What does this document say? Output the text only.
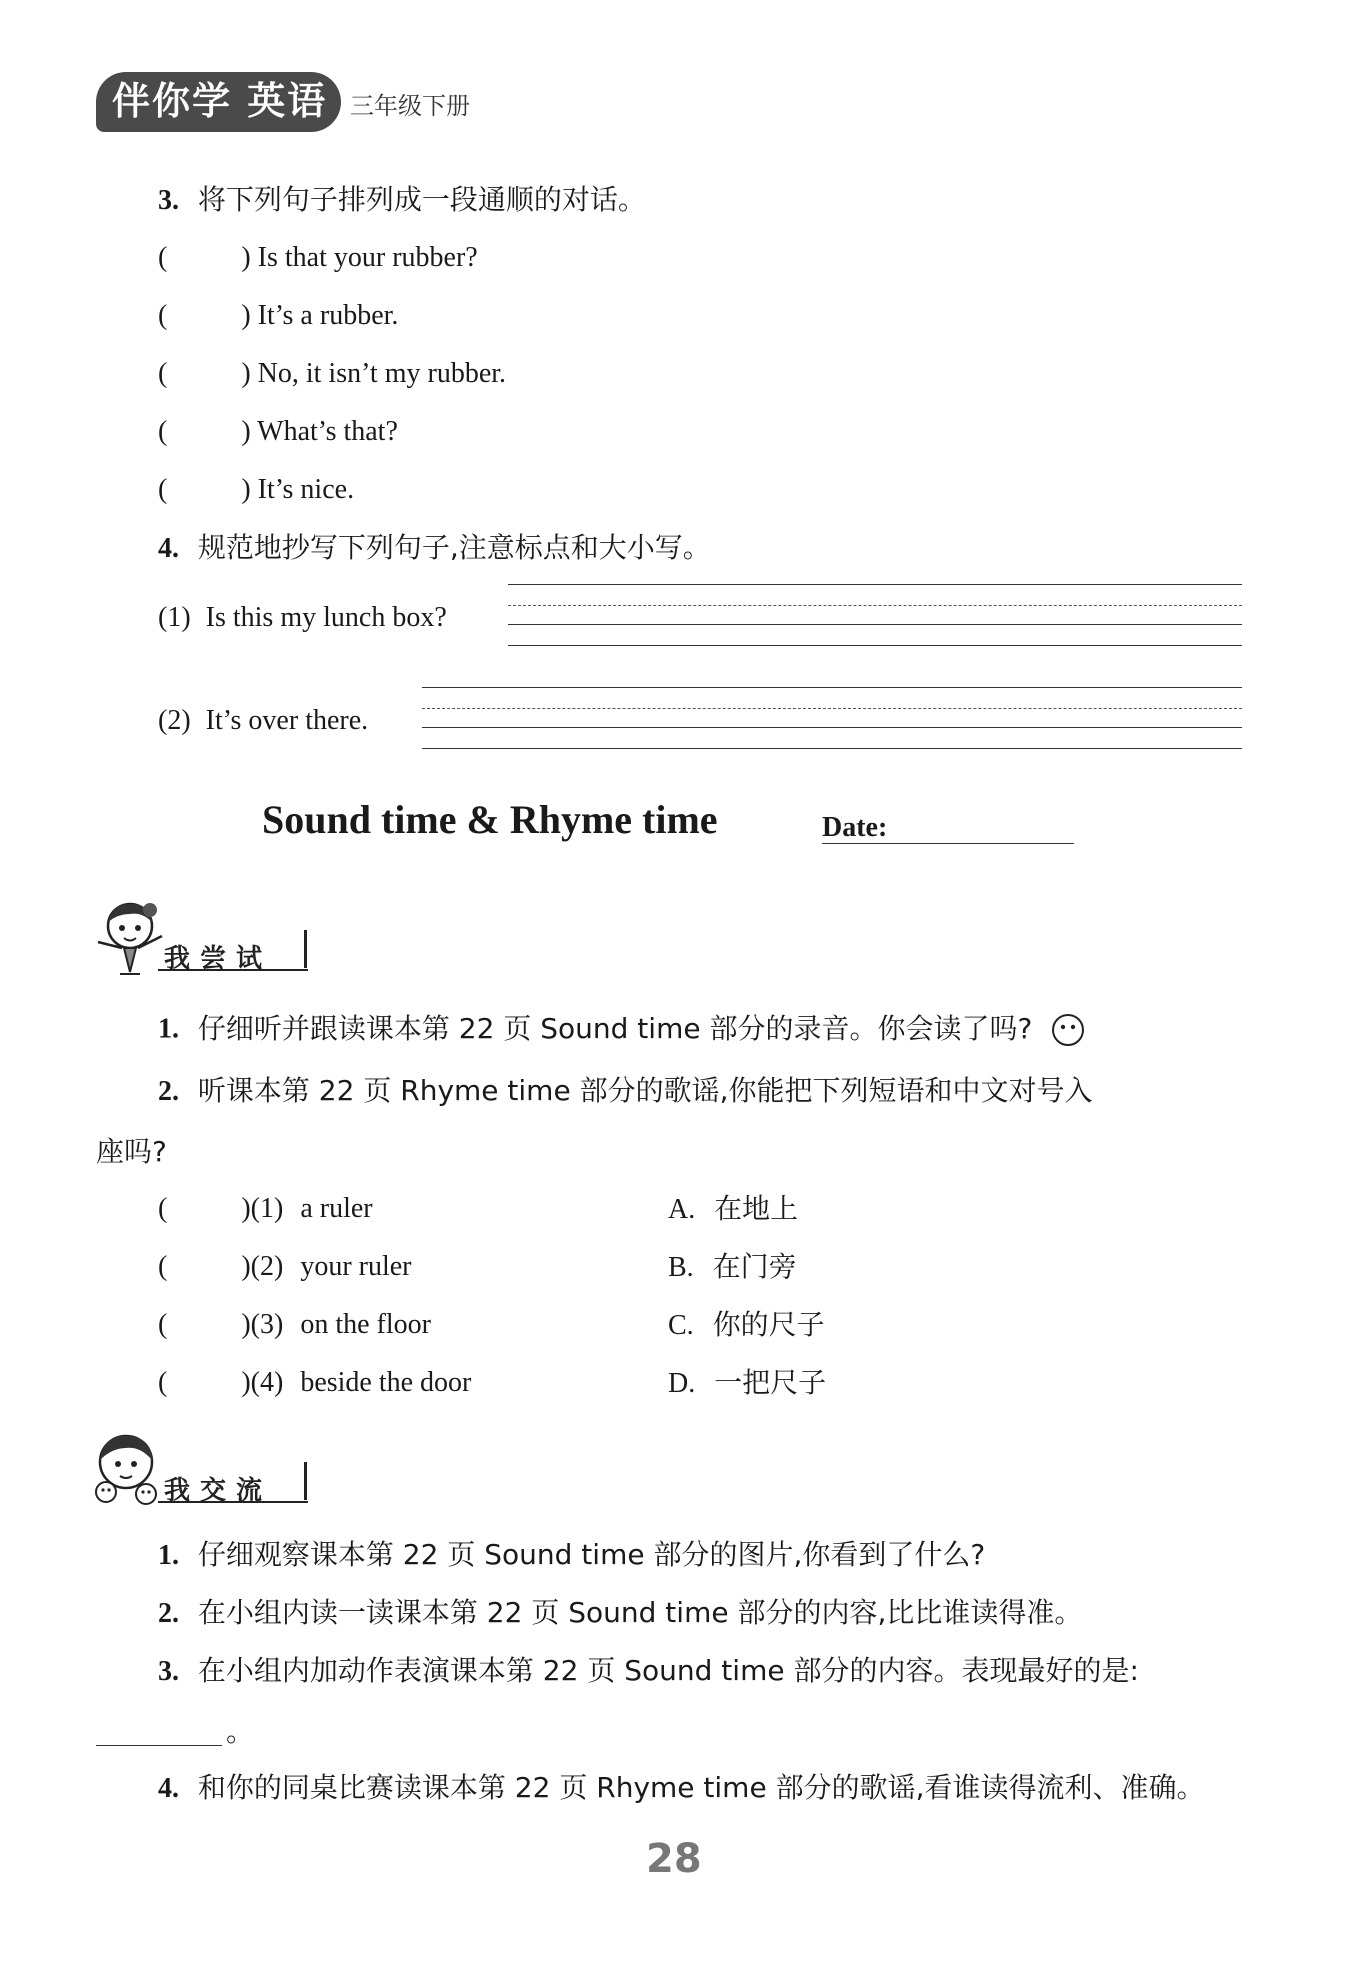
伴你学 英语 三年级下册
3. 将下列句子排列成一段通顺的对话。
(	) Is that your rubber?
(	) It’s a rubber.
(	) No, it isn’t my rubber.
(	) What’s that?
(	) It’s nice.
4. 规范地抄写下列句子,注意标点和大小写。
(1) Is this my lunch box?
(2) It’s over there.
Sound time & Rhyme time	Date:
我尝试
1. 仔细听并跟读课本第 22 页 Sound time 部分的录音。你会读了吗?
2. 听课本第 22 页 Rhyme time 部分的歌谣,你能把下列短语和中文对号入
座吗?
(	)(1) a ruler	A. 在地上
(	)(2) your ruler	B. 在门旁
(	)(3) on the floor	C. 你的尺子
(	)(4) beside the door	D. 一把尺子
我交流
1. 仔细观察课本第 22 页 Sound time 部分的图片,你看到了什么?
2. 在小组内读一读课本第 22 页 Sound time 部分的内容,比比谁读得准。
3. 在小组内加动作表演课本第 22 页 Sound time 部分的内容。表现最好的是:
。
4. 和你的同桌比赛读课本第 22 页 Rhyme time 部分的歌谣,看谁读得流利、准确。
28
